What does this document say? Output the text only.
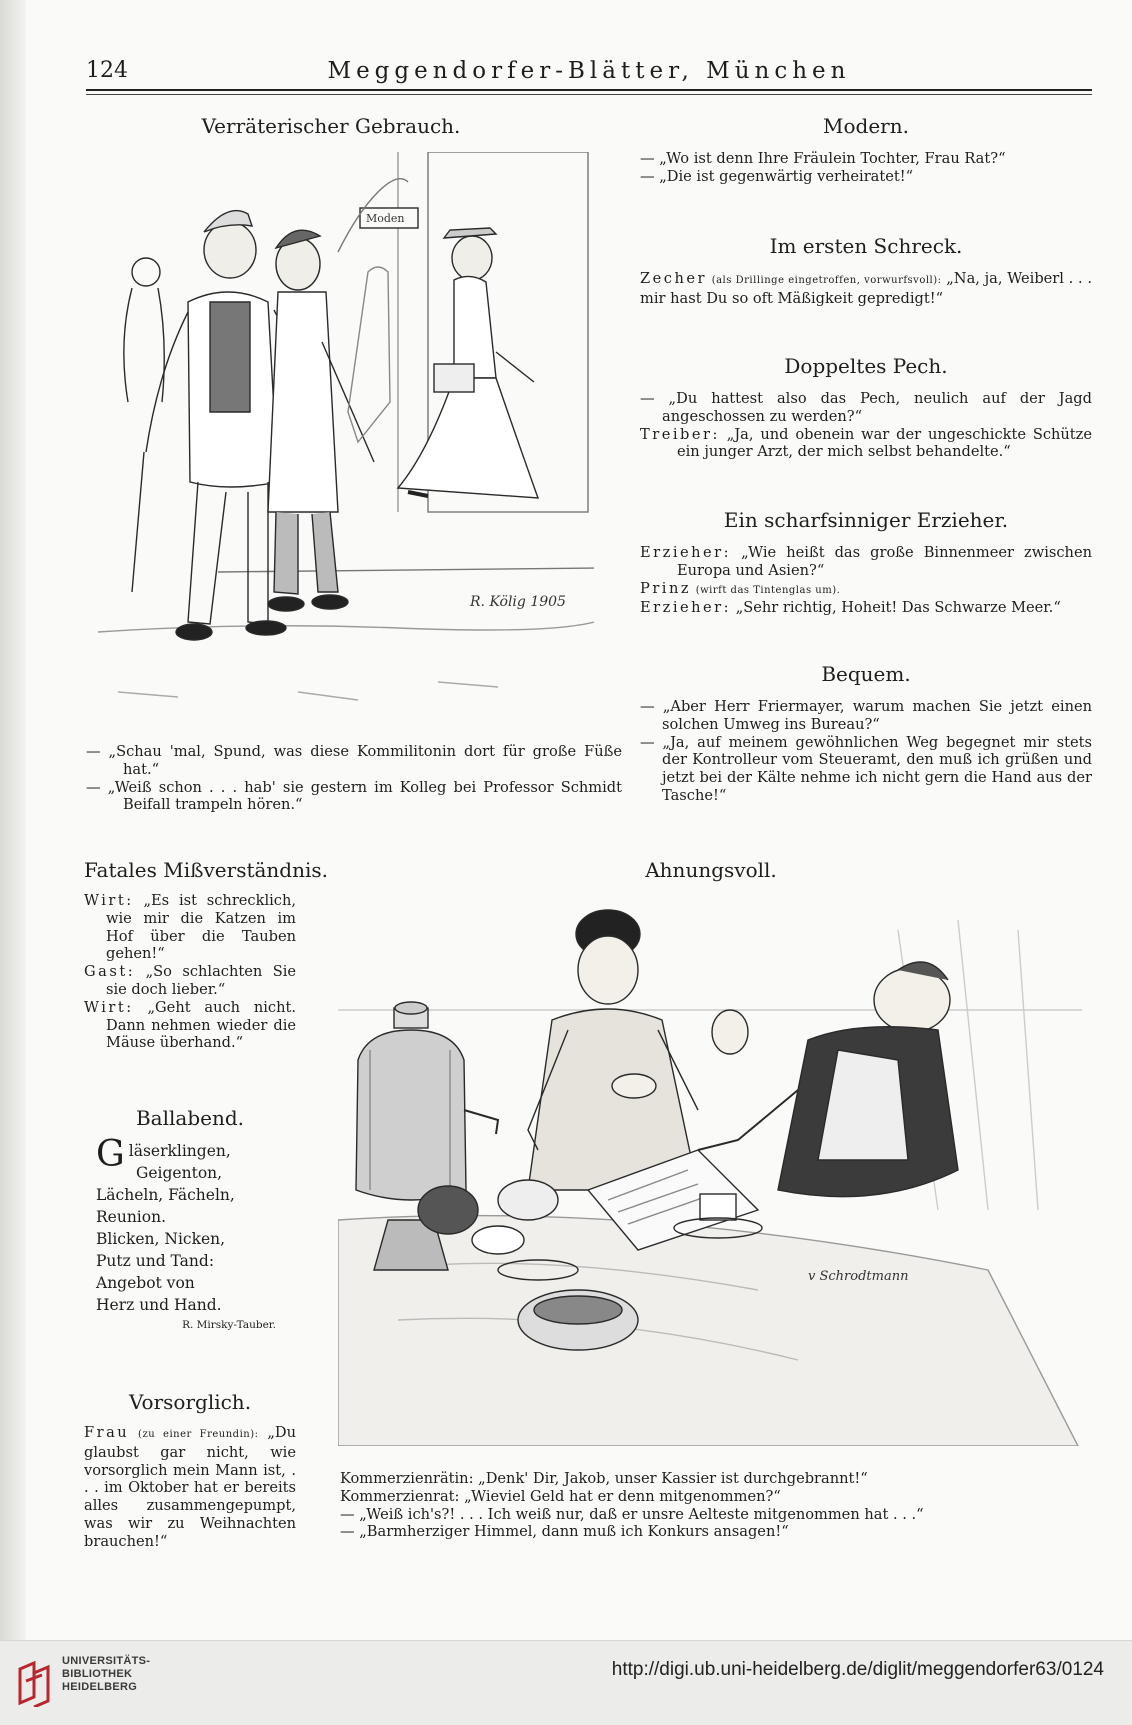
124	Meggendorfer-Blätter, München
Verräterischer Gebrauch.
R. Kölig 1905
Moden

— „Schau 'mal, Spund, was diese Kommilitonin dort für große Füße hat.“

— „Weiß schon . . . hab' sie gestern im Kolleg bei Professor Schmidt Beifall trampeln hören.“

Modern.

— „Wo ist denn Ihre Fräulein Tochter, Frau Rat?“

— „Die ist gegenwärtig verheiratet!“

Im ersten Schreck.

Zecher (als Drillinge eingetroffen, vorwurfsvoll): „Na, ja, Weiberl . . . mir hast Du so oft Mäßigkeit gepredigt!“

Doppeltes Pech.

— „Du hattest also das Pech, neulich auf der Jagd angeschossen zu werden?“

Treiber: „Ja, und obenein war der ungeschickte Schütze ein junger Arzt, der mich selbst behandelte.“

Ein scharfsinniger Erzieher.

Erzieher: „Wie heißt das große Binnenmeer zwischen Europa und Asien?“

Prinz (wirft das Tintenglas um).

Erzieher: „Sehr richtig, Hoheit! Das Schwarze Meer.“

Bequem.

— „Aber Herr Friermayer, warum machen Sie jetzt einen solchen Umweg ins Bureau?“

— „Ja, auf meinem gewöhnlichen Weg begegnet mir stets der Kontrolleur vom Steueramt, den muß ich grüßen und jetzt bei der Kälte nehme ich nicht gern die Hand aus der Tasche!“

Fatales Mißverständnis.

Wirt: „Es ist schrecklich, wie mir die Katzen im Hof über die Tauben gehen!“

Gast: „So schlachten Sie sie doch lieber.“

Wirt: „Geht auch nicht. Dann nehmen wieder die Mäuse überhand.“

Ballabend.

Gläserklingen,

Geigenton,

Lächeln, Fächeln,

Reunion.

Blicken, Nicken,

Putz und Tand:

Angebot von

Herz und Hand.

R. Mirsky-Tauber.

Vorsorglich.

Frau (zu einer Freundin): „Du glaubst gar nicht, wie vorsorglich mein Mann ist, . . . im Oktober hat er bereits alles zusammengepumpt, was wir zu Weihnachten brauchen!“

Ahnungsvoll.
v Schrodtmann

Kommerzienrätin: „Denk' Dir, Jakob, unser Kassier ist durchgebrannt!“

Kommerzienrat: „Wieviel Geld hat er denn mitgenommen?“

— „Weiß ich's?! . . . Ich weiß nur, daß er unsre Aelteste mitgenommen hat . . .“

— „Barmherziger Himmel, dann muß ich Konkurs ansagen!“

UNIVERSITÄTS-
BIBLIOTHEK
HEIDELBERG
http://digi.ub.uni-heidelberg.de/diglit/meggendorfer63/0124
